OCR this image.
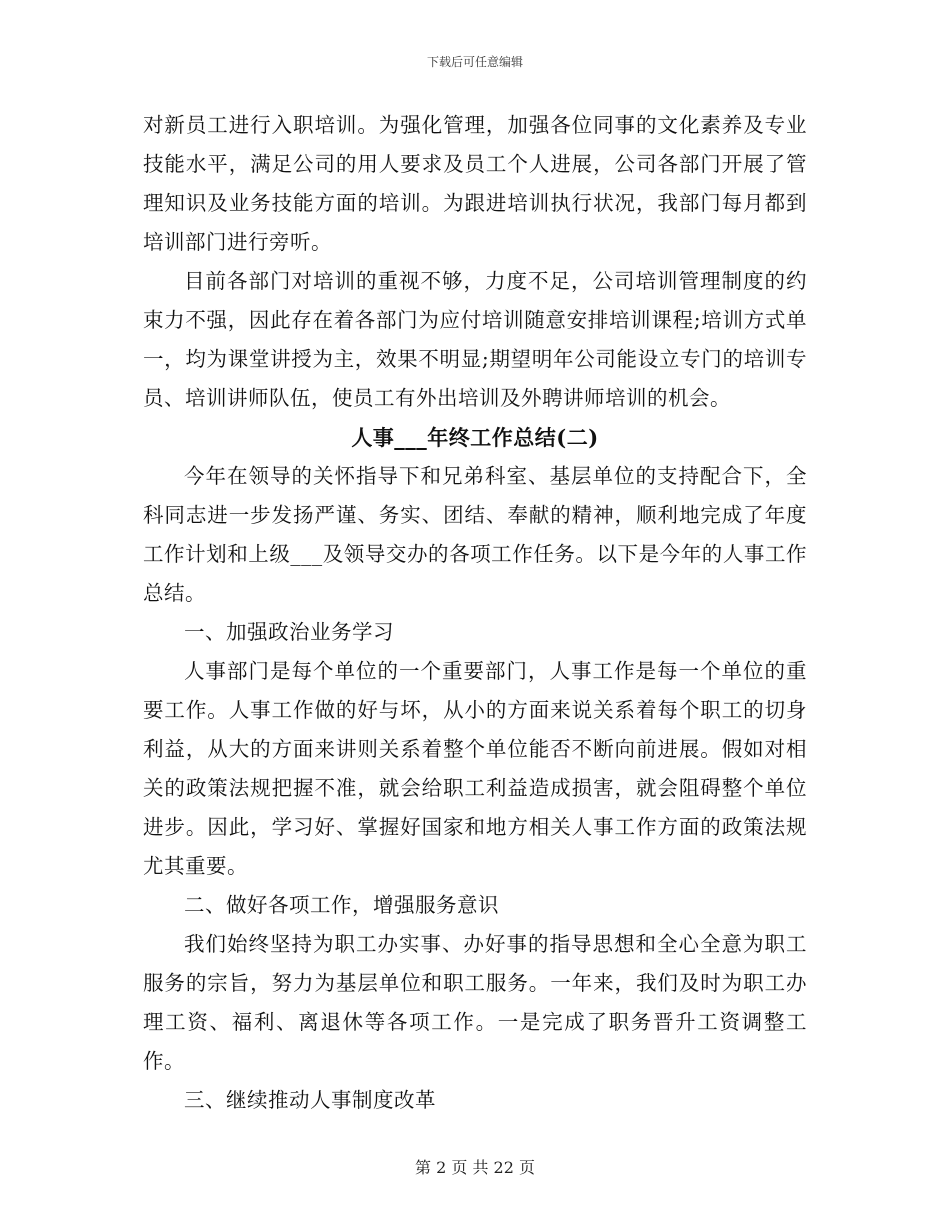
下载后可任意编辑

对新员工进行入职培训。为强化管理，加强各位同事的文化素养及专业技能水平，满足公司的用人要求及员工个人进展，公司各部门开展了管理知识及业务技能方面的培训。为跟进培训执行状况，我部门每月都到培训部门进行旁听。

目前各部门对培训的重视不够，力度不足，公司培训管理制度的约束力不强，因此存在着各部门为应付培训随意安排培训课程;培训方式单一，均为课堂讲授为主，效果不明显;期望明年公司能设立专门的培训专员、培训讲师队伍，使员工有外出培训及外聘讲师培训的机会。

人事___年终工作总结(二)

今年在领导的关怀指导下和兄弟科室、基层单位的支持配合下，全科同志进一步发扬严谨、务实、团结、奉献的精神，顺利地完成了年度工作计划和上级___及领导交办的各项工作任务。以下是今年的人事工作总结。

一、加强政治业务学习

人事部门是每个单位的一个重要部门，人事工作是每一个单位的重要工作。人事工作做的好与坏，从小的方面来说关系着每个职工的切身利益，从大的方面来讲则关系着整个单位能否不断向前进展。假如对相关的政策法规把握不准，就会给职工利益造成损害，就会阻碍整个单位进步。因此，学习好、掌握好国家和地方相关人事工作方面的政策法规尤其重要。

二、做好各项工作，增强服务意识

我们始终坚持为职工办实事、办好事的指导思想和全心全意为职工服务的宗旨，努力为基层单位和职工服务。一年来，我们及时为职工办理工资、福利、离退休等各项工作。一是完成了职务晋升工资调整工作。

三、继续推动人事制度改革

第 2 页 共 22 页
